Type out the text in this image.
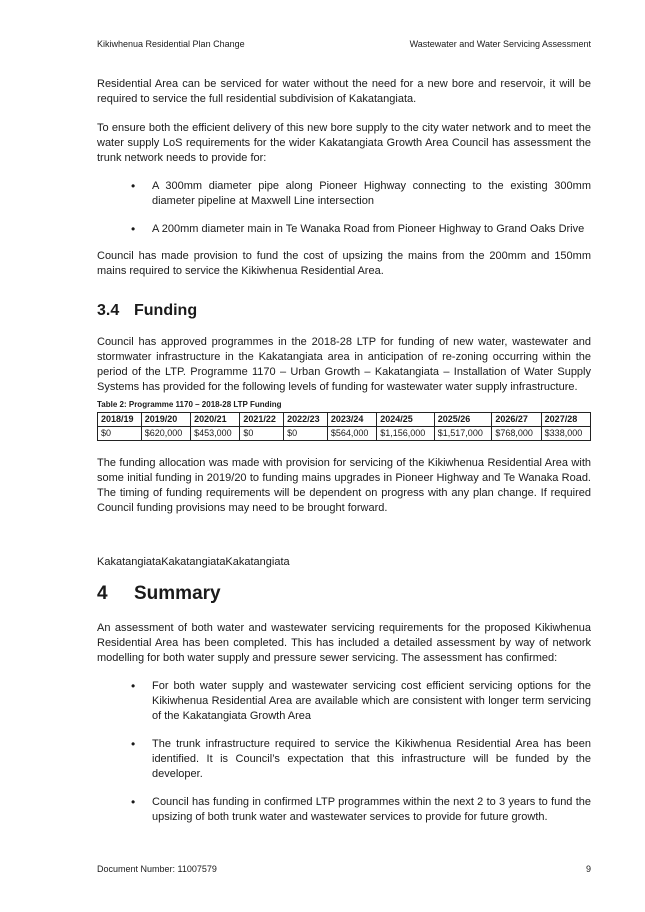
Kikiwhenua Residential Plan Change	Wastewater and Water Servicing Assessment

Residential Area can be serviced for water without the need for a new bore and reservoir, it will be required to service the full residential subdivision of Kakatangiata.

To ensure both the efficient delivery of this new bore supply to the city water network and to meet the water supply LoS requirements for the wider Kakatangiata Growth Area Council has assessment the trunk network needs to provide for:

• A 300mm diameter pipe along Pioneer Highway connecting to the existing 300mm diameter pipeline at Maxwell Line intersection
• A 200mm diameter main in Te Wanaka Road from Pioneer Highway to Grand Oaks Drive

Council has made provision to fund the cost of upsizing the mains from the 200mm and 150mm mains required to service the Kikiwhenua Residential Area.

3.4 Funding

Council has approved programmes in the 2018-28 LTP for funding of new water, wastewater and stormwater infrastructure in the Kakatangiata area in anticipation of re-zoning occurring within the period of the LTP. Programme 1170 – Urban Growth – Kakatangiata – Installation of Water Supply Systems has provided for the following levels of funding for wastewater water supply infrastructure.

Table 2: Programme 1170 – 2018-28 LTP Funding
2018/19	2019/20	2020/21	2021/22	2022/23	2023/24	2024/25	2025/26	2026/27	2027/28
$0	$620,000	$453,000	$0	$0	$564,000	$1,156,000	$1,517,000	$768,000	$338,000

The funding allocation was made with provision for servicing of the Kikiwhenua Residential Area with some initial funding in 2019/20 to funding mains upgrades in Pioneer Highway and Te Wanaka Road. The timing of funding requirements will be dependent on progress with any plan change. If required Council funding provisions may need to be brought forward.

KakatangiataKakatangiataKakatangiata

4	Summary

An assessment of both water and wastewater servicing requirements for the proposed Kikiwhenua Residential Area has been completed. This has included a detailed assessment by way of network modelling for both water supply and pressure sewer servicing. The assessment has confirmed:

• For both water supply and wastewater servicing cost efficient servicing options for the Kikiwhenua Residential Area are available which are consistent with longer term servicing of the Kakatangiata Growth Area
• The trunk infrastructure required to service the Kikiwhenua Residential Area has been identified. It is Council’s expectation that this infrastructure will be funded by the developer.
• Council has funding in confirmed LTP programmes within the next 2 to 3 years to fund the upsizing of both trunk water and wastewater services to provide for future growth.
Document Number: 11007579	9
